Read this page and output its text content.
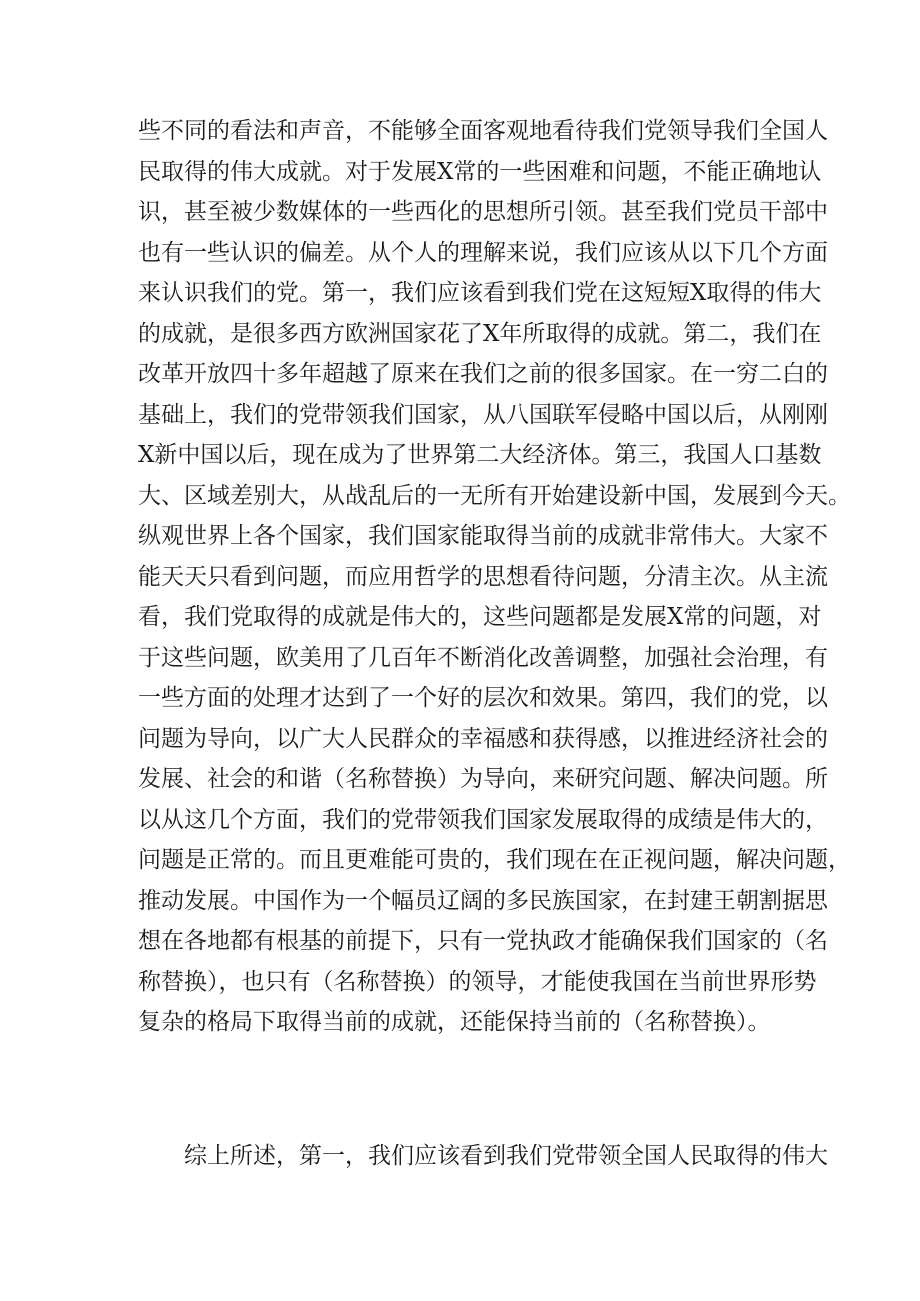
些不同的看法和声音，不能够全面客观地看待我们党领导我们全国人
民取得的伟大成就。对于发展X常的一些困难和问题，不能正确地认
识，甚至被少数媒体的一些西化的思想所引领。甚至我们党员干部中
也有一些认识的偏差。从个人的理解来说，我们应该从以下几个方面
来认识我们的党。第一，我们应该看到我们党在这短短X取得的伟大
的成就，是很多西方欧洲国家花了X年所取得的成就。第二，我们在
改革开放四十多年超越了原来在我们之前的很多国家。在一穷二白的
基础上，我们的党带领我们国家，从八国联军侵略中国以后，从刚刚
X新中国以后，现在成为了世界第二大经济体。第三，我国人口基数
大、区域差别大，从战乱后的一无所有开始建设新中国，发展到今天。
纵观世界上各个国家，我们国家能取得当前的成就非常伟大。大家不
能天天只看到问题，而应用哲学的思想看待问题，分清主次。从主流
看，我们党取得的成就是伟大的，这些问题都是发展X常的问题，对
于这些问题，欧美用了几百年不断消化改善调整，加强社会治理，有
一些方面的处理才达到了一个好的层次和效果。第四，我们的党，以
问题为导向，以广大人民群众的幸福感和获得感，以推进经济社会的
发展、社会的和谐（名称替换）为导向，来研究问题、解决问题。所
以从这几个方面，我们的党带领我们国家发展取得的成绩是伟大的，
问题是正常的。而且更难能可贵的，我们现在在正视问题，解决问题，
推动发展。中国作为一个幅员辽阔的多民族国家，在封建王朝割据思
想在各地都有根基的前提下，只有一党执政才能确保我们国家的（名
称替换），也只有（名称替换）的领导，才能使我国在当前世界形势
复杂的格局下取得当前的成就，还能保持当前的（名称替换）。
综上所述，第一，我们应该看到我们党带领全国人民取得的伟大
